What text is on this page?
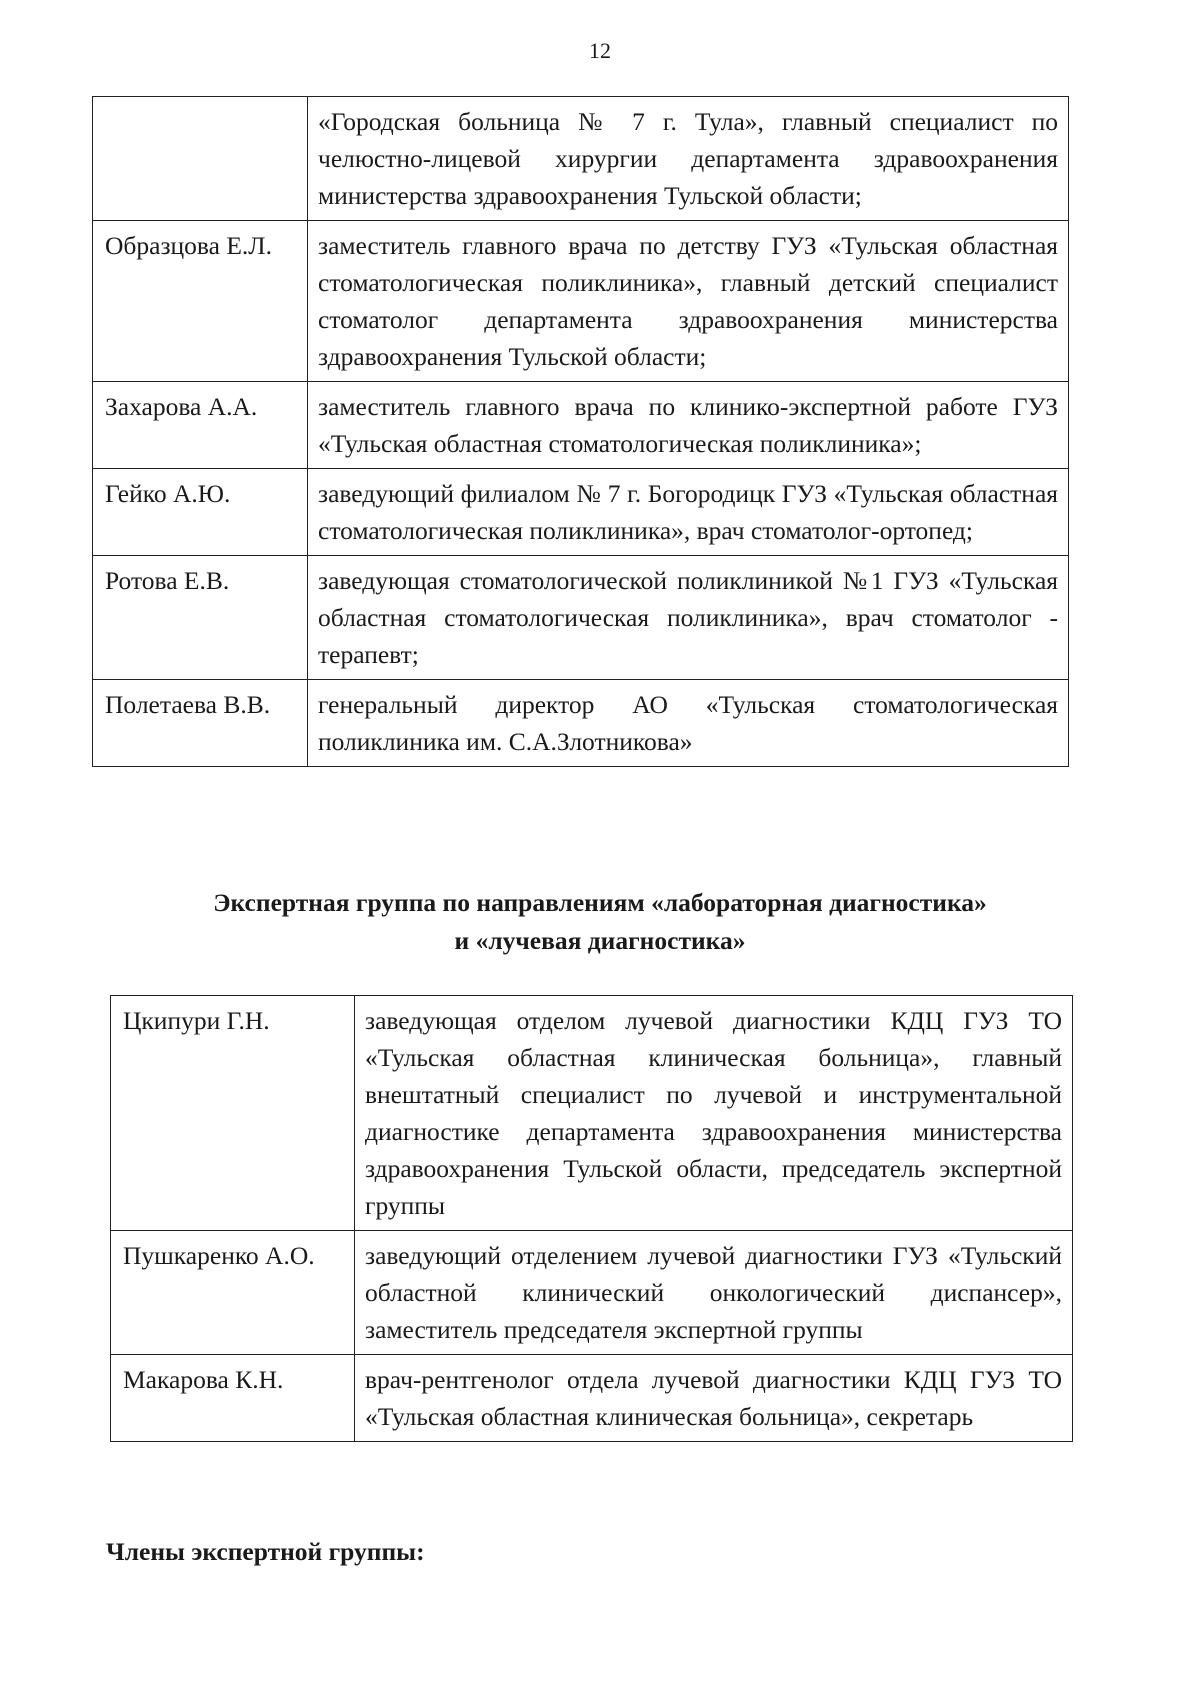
12
	«Городская больница № 7 г. Тула», главный специалист по челюстно-лицевой хирургии департамента здравоохранения министерства здравоохранения Тульской области;
Образцова Е.Л.	заместитель главного врача по детству ГУЗ «Тульская областная стоматологическая поликлиника», главный детский специалист стоматолог департамента здравоохранения министерства здравоохранения Тульской области;
Захарова А.А.	заместитель главного врача по клинико-экспертной работе ГУЗ «Тульская областная стоматологическая поликлиника»;
Гейко А.Ю.	заведующий филиалом № 7 г. Богородицк ГУЗ «Тульская областная стоматологическая поликлиника», врач стоматолог-ортопед;
Ротова Е.В.	заведующая стоматологической поликлиникой №1 ГУЗ «Тульская областная стоматологическая поликлиника», врач стоматолог - терапевт;
Полетаева В.В.	генеральный директор АО «Тульская стоматологическая поликлиника им. С.А.Злотникова»
Экспертная группа по направлениям «лабораторная диагностика»
и «лучевая диагностика»
Цкипури Г.Н.	заведующая отделом лучевой диагностики КДЦ ГУЗ ТО «Тульская областная клиническая больница», главный внештатный специалист по лучевой и инструментальной диагностике департамента здравоохранения министерства здравоохранения Тульской области, председатель экспертной группы
Пушкаренко А.О.	заведующий отделением лучевой диагностики ГУЗ «Тульский областной клинический онкологический диспансер», заместитель председателя экспертной группы
Макарова К.Н.	врач-рентгенолог отдела лучевой диагностики КДЦ ГУЗ ТО «Тульская областная клиническая больница», секретарь
Члены экспертной группы:
